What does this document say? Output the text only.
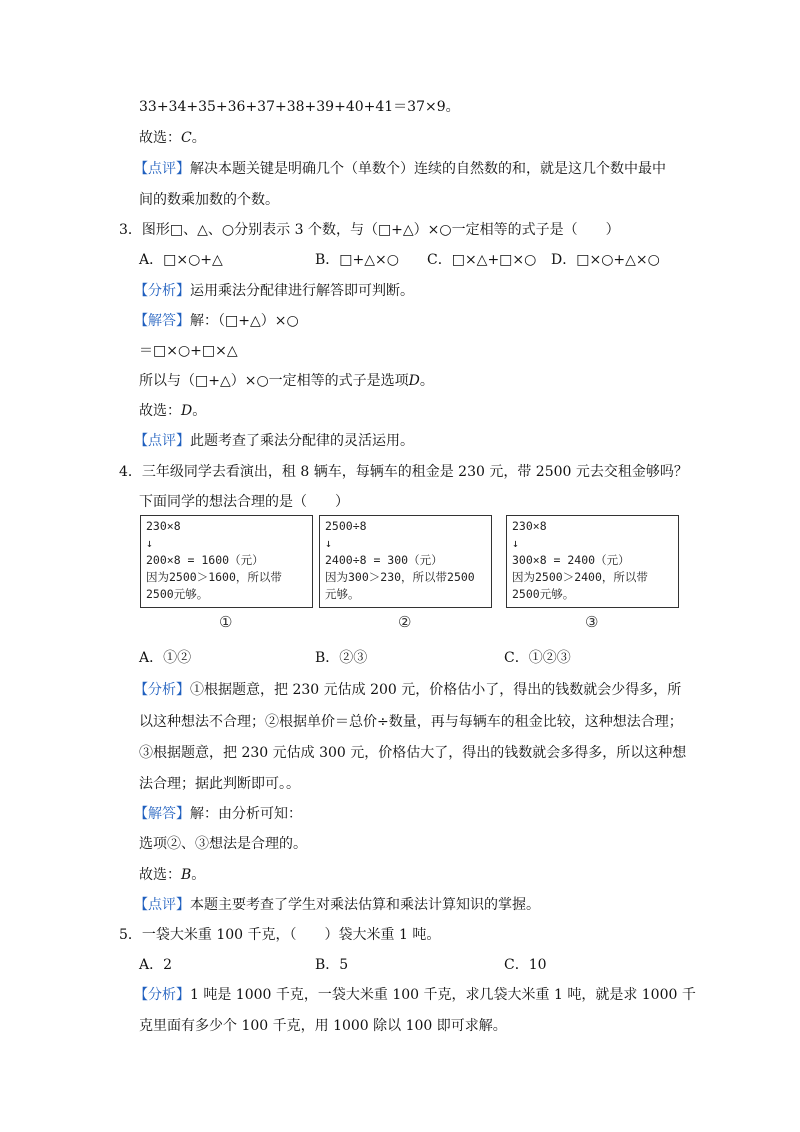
33+34+35+36+37+38+39+40+41＝37×9。
故选：C。
【点评】解决本题关键是明确几个（单数个）连续的自然数的和，就是这几个数中最中
间的数乘加数的个数。
3．图形□、△、○分别表示 3 个数，与（□+△）×○一定相等的式子是（　　）
A．□×○+△	B．□+△×○ C．□×△+□×○ D．□×○+△×○
【分析】运用乘法分配律进行解答即可判断。
【解答】解：（□+△）×○
＝□×○+□×△
所以与（□+△）×○一定相等的式子是选项D。
故选：D。
【点评】此题考查了乘法分配律的灵活运用。
4．三年级同学去看演出，租 8 辆车，每辆车的租金是 230 元，带 2500 元去交租金够吗？
下面同学的想法合理的是（　　）
230×8
↓
200×8 = 1600（元）
因为2500＞1600，所以带
2500元够。
2500÷8
↓
2400÷8 = 300（元）
因为300＞230，所以带2500
元够。
230×8
↓
300×8 = 2400（元）
因为2500＞2400，所以带
2500元够。
①	②	③
A．①②	B．②③	C．①②③
【分析】①根据题意，把 230 元估成 200 元，价格估小了，得出的钱数就会少得多，所
以这种想法不合理；②根据单价＝总价÷数量，再与每辆车的租金比较，这种想法合理；
③根据题意，把 230 元估成 300 元，价格估大了，得出的钱数就会多得多，所以这种想
法合理；据此判断即可。。
【解答】解：由分析可知：
选项②、③想法是合理的。
故选：B。
【点评】本题主要考查了学生对乘法估算和乘法计算知识的掌握。
5．一袋大米重 100 千克，（　　）袋大米重 1 吨。
A．2	B．5	C．10
【分析】1 吨是 1000 千克，一袋大米重 100 千克，求几袋大米重 1 吨，就是求 1000 千
克里面有多少个 100 千克，用 1000 除以 100 即可求解。
